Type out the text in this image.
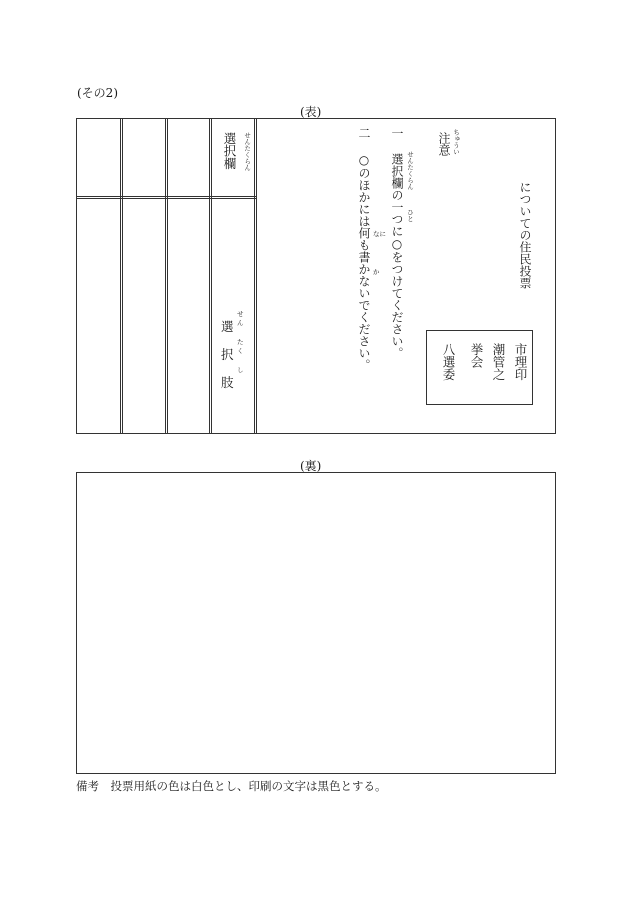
(その2)
(表)
選択欄 せんたくらん
選
せん
択
たく
肢
し
二○のほかには何も書かないでください。
なに
か
一選択欄の一つに○をつけてください。
せんたくらん
ひと
注意 ちゅうい
についての住民投票
市理印
潮管之
挙会
八選委
(裏)
備考　投票用紙の色は白色とし、印刷の文字は黒色とする。
